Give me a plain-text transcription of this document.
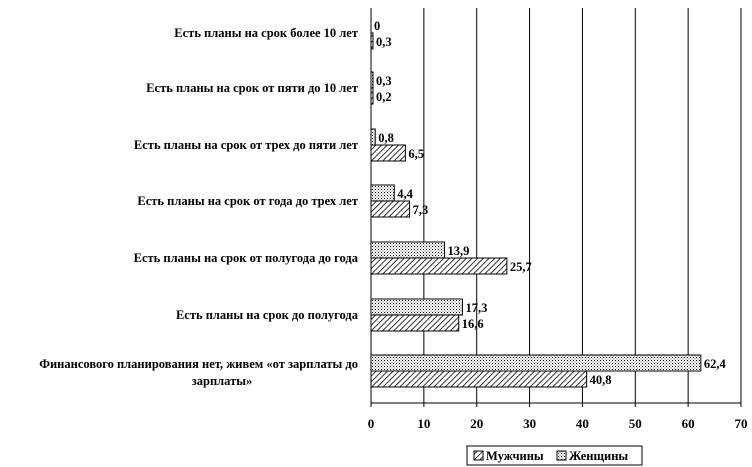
0	10	20	30	40	50	60	70
Есть планы на срок более 10 лет
Есть планы на срок от пяти до 10 лет
Есть планы на срок от трех до пяти лет
Есть планы на срок от года до трех лет
Есть планы на срок от полугода до года
Есть планы на срок до полугода
Финансового планирования нет, живем «от зарплаты до зарплаты»
0
0,3
0,8
4,4
13,9
17,3
62,4
0,3
0,2
6,5
7,3
25,7
16,6
40,8
Мужчины Женщины
